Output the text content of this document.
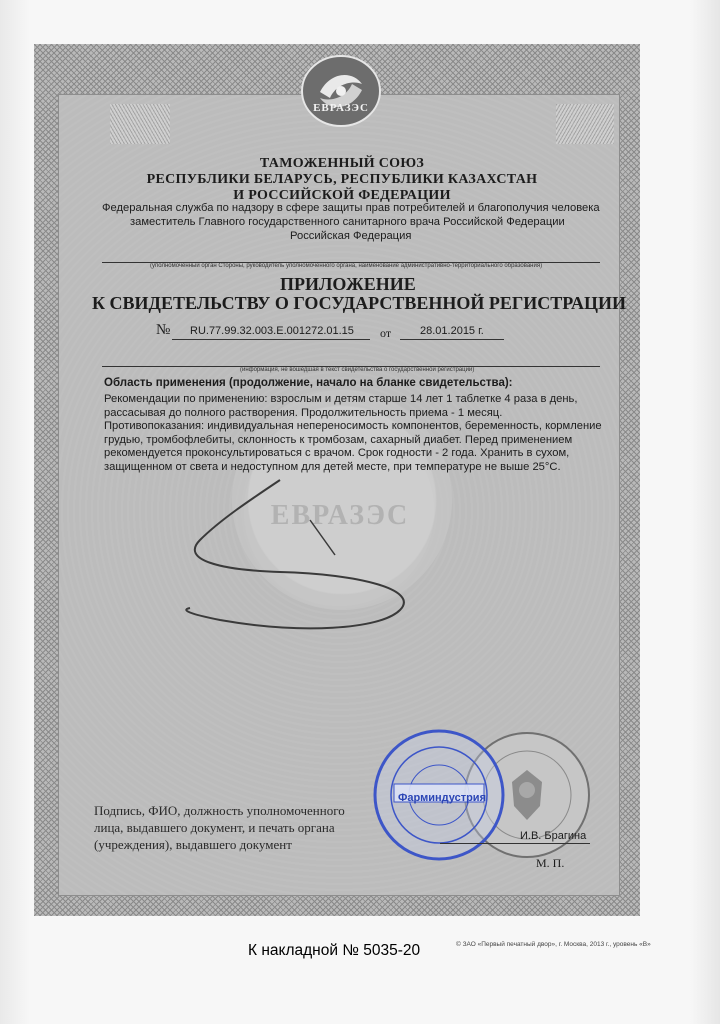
ЕВРАЗЭС
ТАМОЖЕННЫЙ СОЮЗ
РЕСПУБЛИКИ БЕЛАРУСЬ, РЕСПУБЛИКИ КАЗАХСТАН
И РОССИЙСКОЙ ФЕДЕРАЦИИ
Федеральная служба по надзору в сфере защиты прав потребителей и благополучия человека
заместитель Главного государственного санитарного врача Российской Федерации
Российская Федерация
(уполномоченный орган Стороны, руководитель уполномоченного органа, наименование административно-территориального образования)
ПРИЛОЖЕНИЕ
К СВИДЕТЕЛЬСТВУ О ГОСУДАРСТВЕННОЙ РЕГИСТРАЦИИ
№ RU.77.99.32.003.E.001272.01.15 от	28.01.2015 г.
(информация, не вошедшая в текст свидетельства о государственной регистрации)
ЕВРАЗЭС
Область применения (продолжение, начало на бланке свидетельства):
Рекомендации по применению: взрослым и детям старше 14 лет 1 таблетке 4 раза в день, рассасывая до полного растворения. Продолжительность приема - 1 месяц. Противопоказания: индивидуальная непереносимость компонентов, беременность, кормление грудью, тромбофлебиты, склонность к тромбозам, сахарный диабет. Перед применением рекомендуется проконсультироваться с врачом. Срок годности - 2 года. Хранить в сухом, защищенном от света и недоступном для детей месте, при температуре не выше 25°С.
Фарминдустрия
Подпись, ФИО, должность уполномоченного
лица, выдавшего документ, и печать органа
(учреждения), выдавшего документ
И.В. Брагина
М. П.
К накладной № 5035-20	© ЗАО «Первый печатный двор», г. Москва, 2013 г., уровень «В»
